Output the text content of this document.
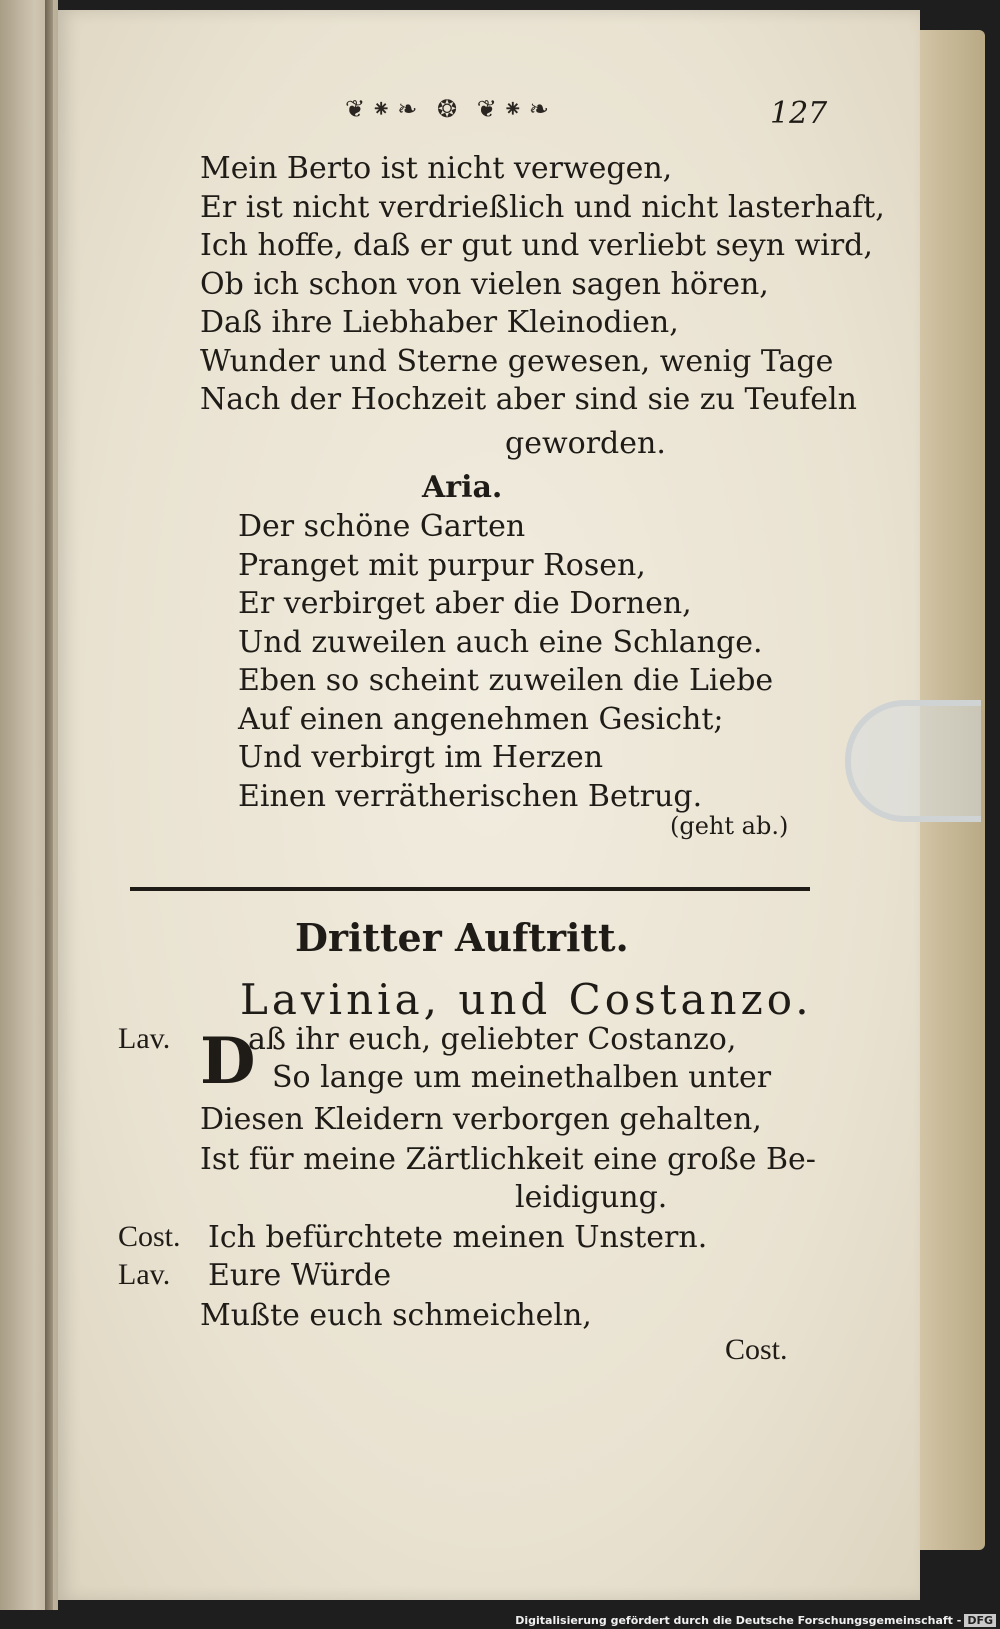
❦⁕❧ ❂ ❦⁕❧	127
Mein Berto ist nicht verwegen,
Er ist nicht verdrießlich und nicht lasterhaft,
Ich hoffe, daß er gut und verliebt seyn wird,
Ob ich schon von vielen sagen hören,
Daß ihre Liebhaber Kleinodien,
Wunder und Sterne gewesen, wenig Tage
Nach der Hochzeit aber sind sie zu Teufeln
geworden.
Aria.
Der schöne Garten
Pranget mit purpur Rosen,
Er verbirget aber die Dornen,
Und zuweilen auch eine Schlange.
Eben so scheint zuweilen die Liebe
Auf einen angenehmen Gesicht;
Und verbirgt im Herzen
Einen verrätherischen Betrug.
(geht ab.)
Dritter Auftritt.
Lavinia, und Costanzo.
Lav. D
aß ihr euch, geliebter Costanzo,
So lange um meinethalben unter
Diesen Kleidern verborgen gehalten,
Ist für meine Zärtlichkeit eine große Be-
leidigung.
Cost. Ich befürchtete meinen Unstern.
Lav. Eure Würde
Mußte euch schmeicheln,
Cost.
Digitalisierung gefördert durch die Deutsche Forschungsgemeinschaft - DFG
